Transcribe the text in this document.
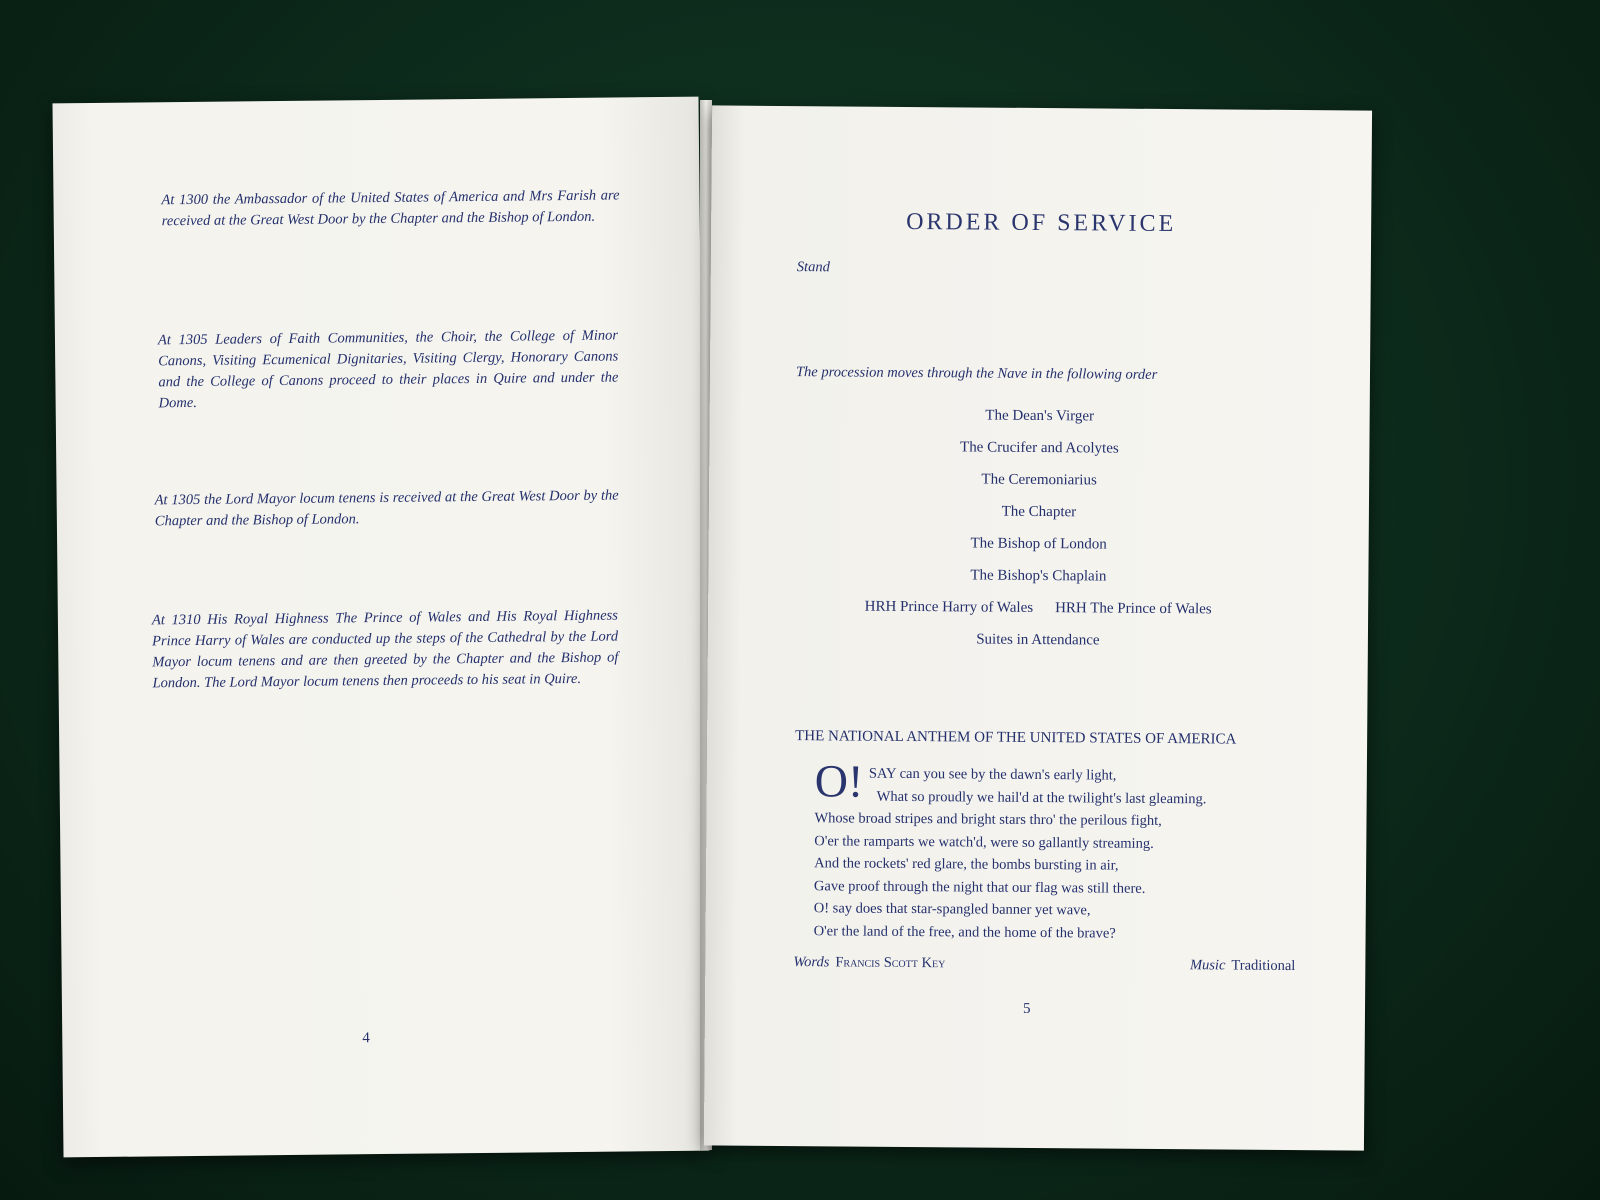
At 1300 the Ambassador of the United States of America and Mrs Farish are received at the Great West Door by the Chapter and the Bishop of London.
At 1305 Leaders of Faith Communities, the Choir, the College of Minor Canons, Visiting Ecumenical Dignitaries, Visiting Clergy, Honorary Canons and the College of Canons proceed to their places in Quire and under the Dome.
At 1305 the Lord Mayor locum tenens is received at the Great West Door by the Chapter and the Bishop of London.
At 1310 His Royal Highness The Prince of Wales and His Royal Highness Prince Harry of Wales are conducted up the steps of the Cathedral by the Lord Mayor locum tenens and are then greeted by the Chapter and the Bishop of London. The Lord Mayor locum tenens then proceeds to his seat in Quire.
4
ORDER OF SERVICE
Stand
The procession moves through the Nave in the following order
The Dean's Virger
The Crucifer and Acolytes
The Ceremoniarius
The Chapter
The Bishop of London
The Bishop's Chaplain
HRH Prince Harry of Wales HRH The Prince of Wales
Suites in Attendance
THE NATIONAL ANTHEM OF THE UNITED STATES OF AMERICA
O! SAY can you see by the dawn's early light,
What so proudly we hail'd at the twilight's last gleaming.
Whose broad stripes and bright stars thro' the perilous fight,
O'er the ramparts we watch'd, were so gallantly streaming.
And the rockets' red glare, the bombs bursting in air,
Gave proof through the night that our flag was still there.
O! say does that star-spangled banner yet wave,
O'er the land of the free, and the home of the brave?
Words Francis Scott Key	Music Traditional
5
